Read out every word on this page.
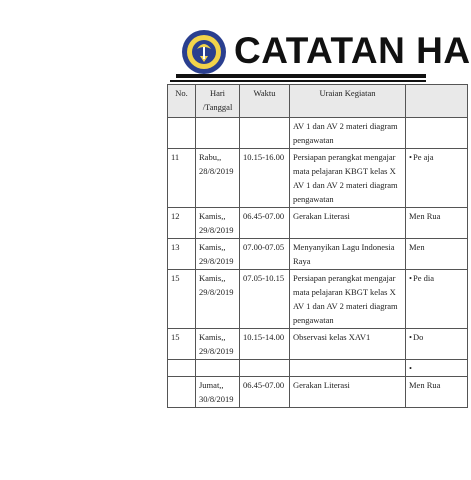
CATATAN HA
No.	Hari /Tanggal	Waktu	Uraian Kegiatan	
			AV 1 dan AV 2 materi diagram pengawatan	
11	Rabu,, 28/8/2019	10.15-16.00	Persiapan perangkat mengajar mata pelajaran KBGT kelas X AV 1 dan AV 2 materi diagram pengawatan	• Pe aja
12	Kamis,, 29/8/2019	06.45-07.00	Gerakan Literasi	Men Rua
13	Kamis,, 29/8/2019	07.00-07.05	Menyanyikan Lagu Indonesia Raya	Men
15	Kamis,, 29/8/2019	07.05-10.15	Persiapan perangkat mengajar mata pelajaran KBGT kelas X AV 1 dan AV 2 materi diagram pengawatan	• Pe dia
15	Kamis,, 29/8/2019	10.15-14.00	Observasi kelas XAV1	• Do
				•
	Jumat,, 30/8/2019	06.45-07.00	Gerakan Literasi	Men Rua
